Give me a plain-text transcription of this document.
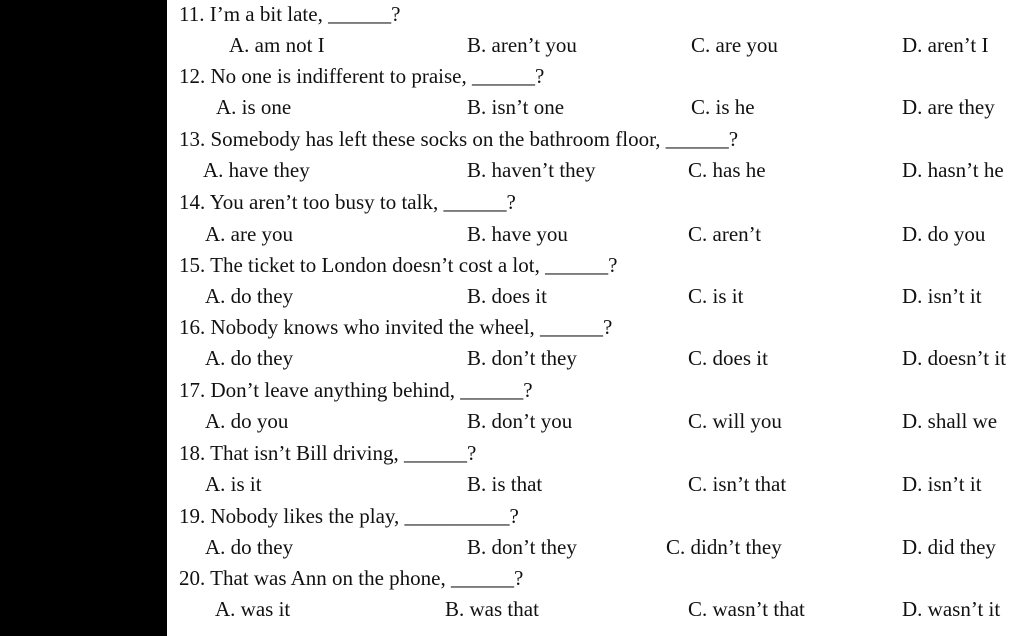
11. I’m a bit late, ______?
A. am not I	B. aren’t you	C. are you	D. aren’t I
12. No one is indifferent to praise, ______?
A. is one	B. isn’t one	C. is he	D. are they
13. Somebody has left these socks on the bathroom floor, ______?
A. have they	B. haven’t they	C. has he	D. hasn’t he
14. You aren’t too busy to talk, ______?
A. are you	B. have you	C. aren’t	D. do you
15. The ticket to London doesn’t cost a lot, ______?
A. do they	B. does it	C. is it	D. isn’t it
16. Nobody knows who invited the wheel, ______?
A. do they	B. don’t they	C. does it	D. doesn’t it
17. Don’t leave anything behind, ______?
A. do you	B. don’t you	C. will you	D. shall we
18. That isn’t Bill driving, ______?
A. is it	B. is that	C. isn’t that	D. isn’t it
19. Nobody likes the play, __________?
A. do they	B. don’t they	C. didn’t they	D. did they
20. That was Ann on the phone, ______?
A. was it	B. was that	C. wasn’t that	D. wasn’t it
